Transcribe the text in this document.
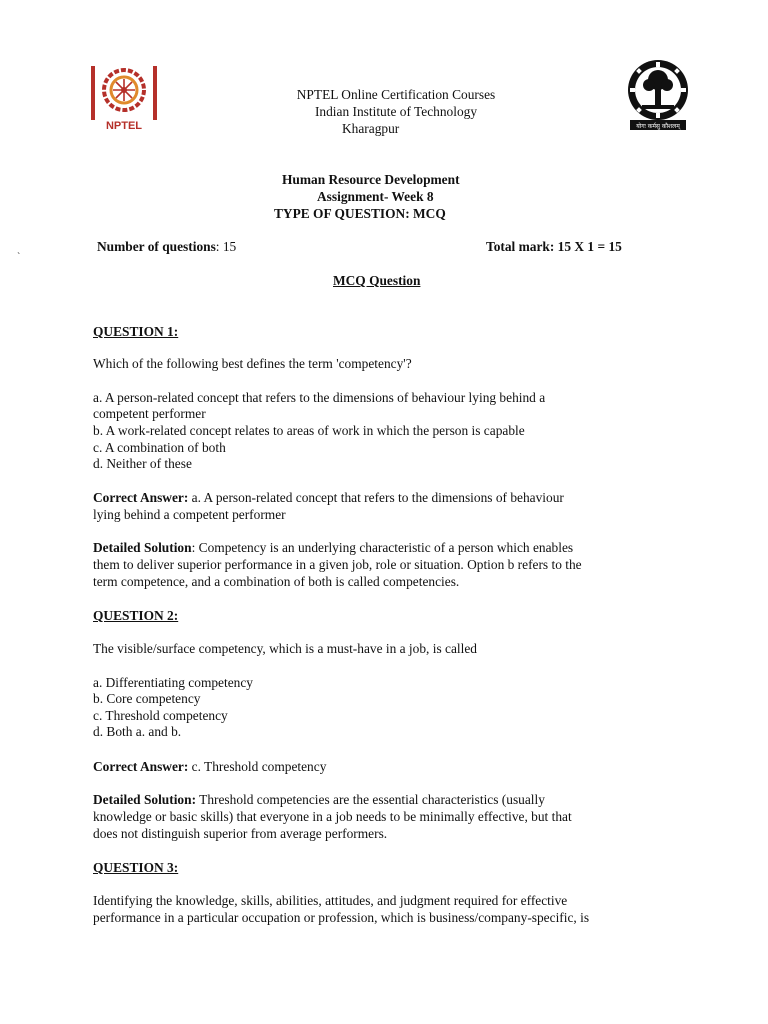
NPTEL	योगः कर्मसु कौशलम्
NPTEL Online Certification Courses
Indian Institute of Technology
Kharagpur
Human Resource Development
Assignment- Week 8
TYPE OF QUESTION: MCQ
`
Number of questions: 15	Total mark: 15 X 1 = 15
MCQ Question
QUESTION 1:
Which of the following best defines the term 'competency'?
a. A person-related concept that refers to the dimensions of behaviour lying behind a
competent performer
b. A work-related concept relates to areas of work in which the person is capable
c. A combination of both
d. Neither of these
Correct Answer: a. A person-related concept that refers to the dimensions of behaviour
lying behind a competent performer
Detailed Solution: Competency is an underlying characteristic of a person which enables
them to deliver superior performance in a given job, role or situation. Option b refers to the
term competence, and a combination of both is called competencies.
QUESTION 2:
The visible/surface competency, which is a must-have in a job, is called
a. Differentiating competency
b. Core competency
c. Threshold competency
d. Both a. and b.
Correct Answer: c. Threshold competency
Detailed Solution: Threshold competencies are the essential characteristics (usually
knowledge or basic skills) that everyone in a job needs to be minimally effective, but that
does not distinguish superior from average performers.
QUESTION 3:
Identifying the knowledge, skills, abilities, attitudes, and judgment required for effective
performance in a particular occupation or profession, which is business/company-specific, is
